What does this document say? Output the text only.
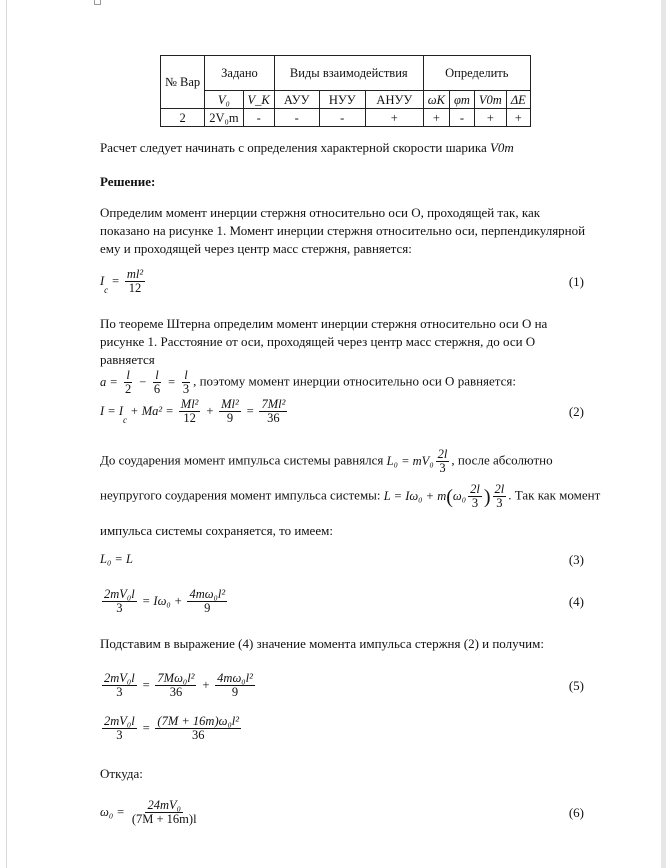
№ Вар	Задано		Виды взаимодействия			Определить			
	V₀	V_K	АУУ	НУУ	АНУУ	ωK	φm	V0m	ΔE
2	2V₀m	-	-	-	+	+	-	+	+
Расчет следует начинать с определения характерной скорости шарика V0m
Решение:
Определим момент инерции стержня относительно оси О, проходящей так, как показано на рисунке 1. Момент инерции стержня относительно оси, перпендикулярной ему и проходящей через центр масс стержня, равняется:
I
c
= $\frac{\text{ml²}}{12}$	(1)
По теореме Штерна определим момент инерции стержня относительно оси О на рисунке 1. Расстояние от оси, проходящей через центр масс стержня, до оси О равняется

$a = \frac{l}{2} - \frac{l}{6} = \frac{l}{3}$ , поэтому момент инерции относительно оси О равняется:
I = I
c
+ $Ma^2 = \frac{\text{Ml²}}{12} + \frac{\text{Ml²}}{9} = \frac{\text{7Ml²}}{36}$	(2)
До соударения момент импульса системы равнялся $L_0 = mV_0 \frac{2l}{3}$ , после абсолютно
неупругого соударения момент импульса системы: L = Iω₀ + m ( $\omega_0 \frac{2l}{3}$ ) $\frac{2l}{3}$ . Так как момент
импульса системы сохраняется, то имеем:
L₀ = L	(3)
$\frac{\text{2mV₀l}}{3} = I\omega_0 + \frac{\text{4mω₀l²}}{9}$	(4)
Подставим в выражение (4) значение момента импульса стержня (2) и получим:
$\frac{\text{2mV₀l}}{3} = \frac{\text{7Mω₀l²}}{36} + \frac{\text{4mω₀l²}}{9}$	(5)
$\frac{\text{2mV₀l}}{3} = \frac{\text{(7M + 16m)ω₀l²}}{36}$
Откуда:
$\omega_0 = \frac{\text{24mV₀}}{(7M + 16m)l}$	(6)
